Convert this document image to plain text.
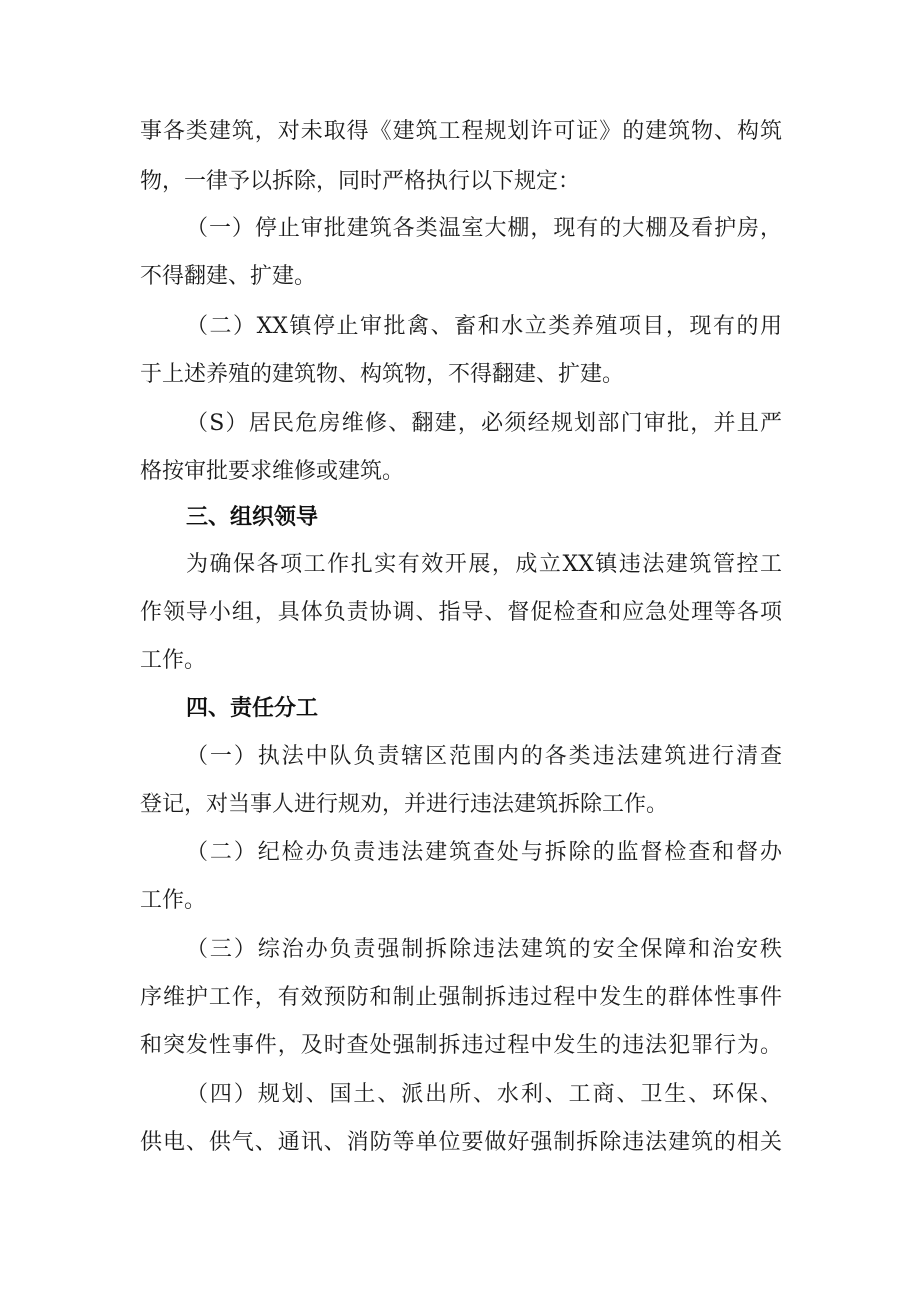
事各类建筑，对未取得《建筑工程规划许可证》的建筑物、构筑
物，一律予以拆除，同时严格执行以下规定：
（一）停止审批建筑各类温室大棚，现有的大棚及看护房，
不得翻建、扩建。
（二）XX镇停止审批禽、畜和水立类养殖项目，现有的用
于上述养殖的建筑物、构筑物，不得翻建、扩建。
（S）居民危房维修、翻建，必须经规划部门审批，并且严
格按审批要求维修或建筑。
三、组织领导
为确保各项工作扎实有效开展，成立XX镇违法建筑管控工
作领导小组，具体负责协调、指导、督促检查和应急处理等各项
工作。
四、责任分工
（一）执法中队负责辖区范围内的各类违法建筑进行清查
登记，对当事人进行规劝，并进行违法建筑拆除工作。
（二）纪检办负责违法建筑查处与拆除的监督检查和督办
工作。
（三）综治办负责强制拆除违法建筑的安全保障和治安秩
序维护工作，有效预防和制止强制拆违过程中发生的群体性事件
和突发性事件，及时查处强制拆违过程中发生的违法犯罪行为。
（四）规划、国土、派出所、水利、工商、卫生、环保、
供电、供气、通讯、消防等单位要做好强制拆除违法建筑的相关
